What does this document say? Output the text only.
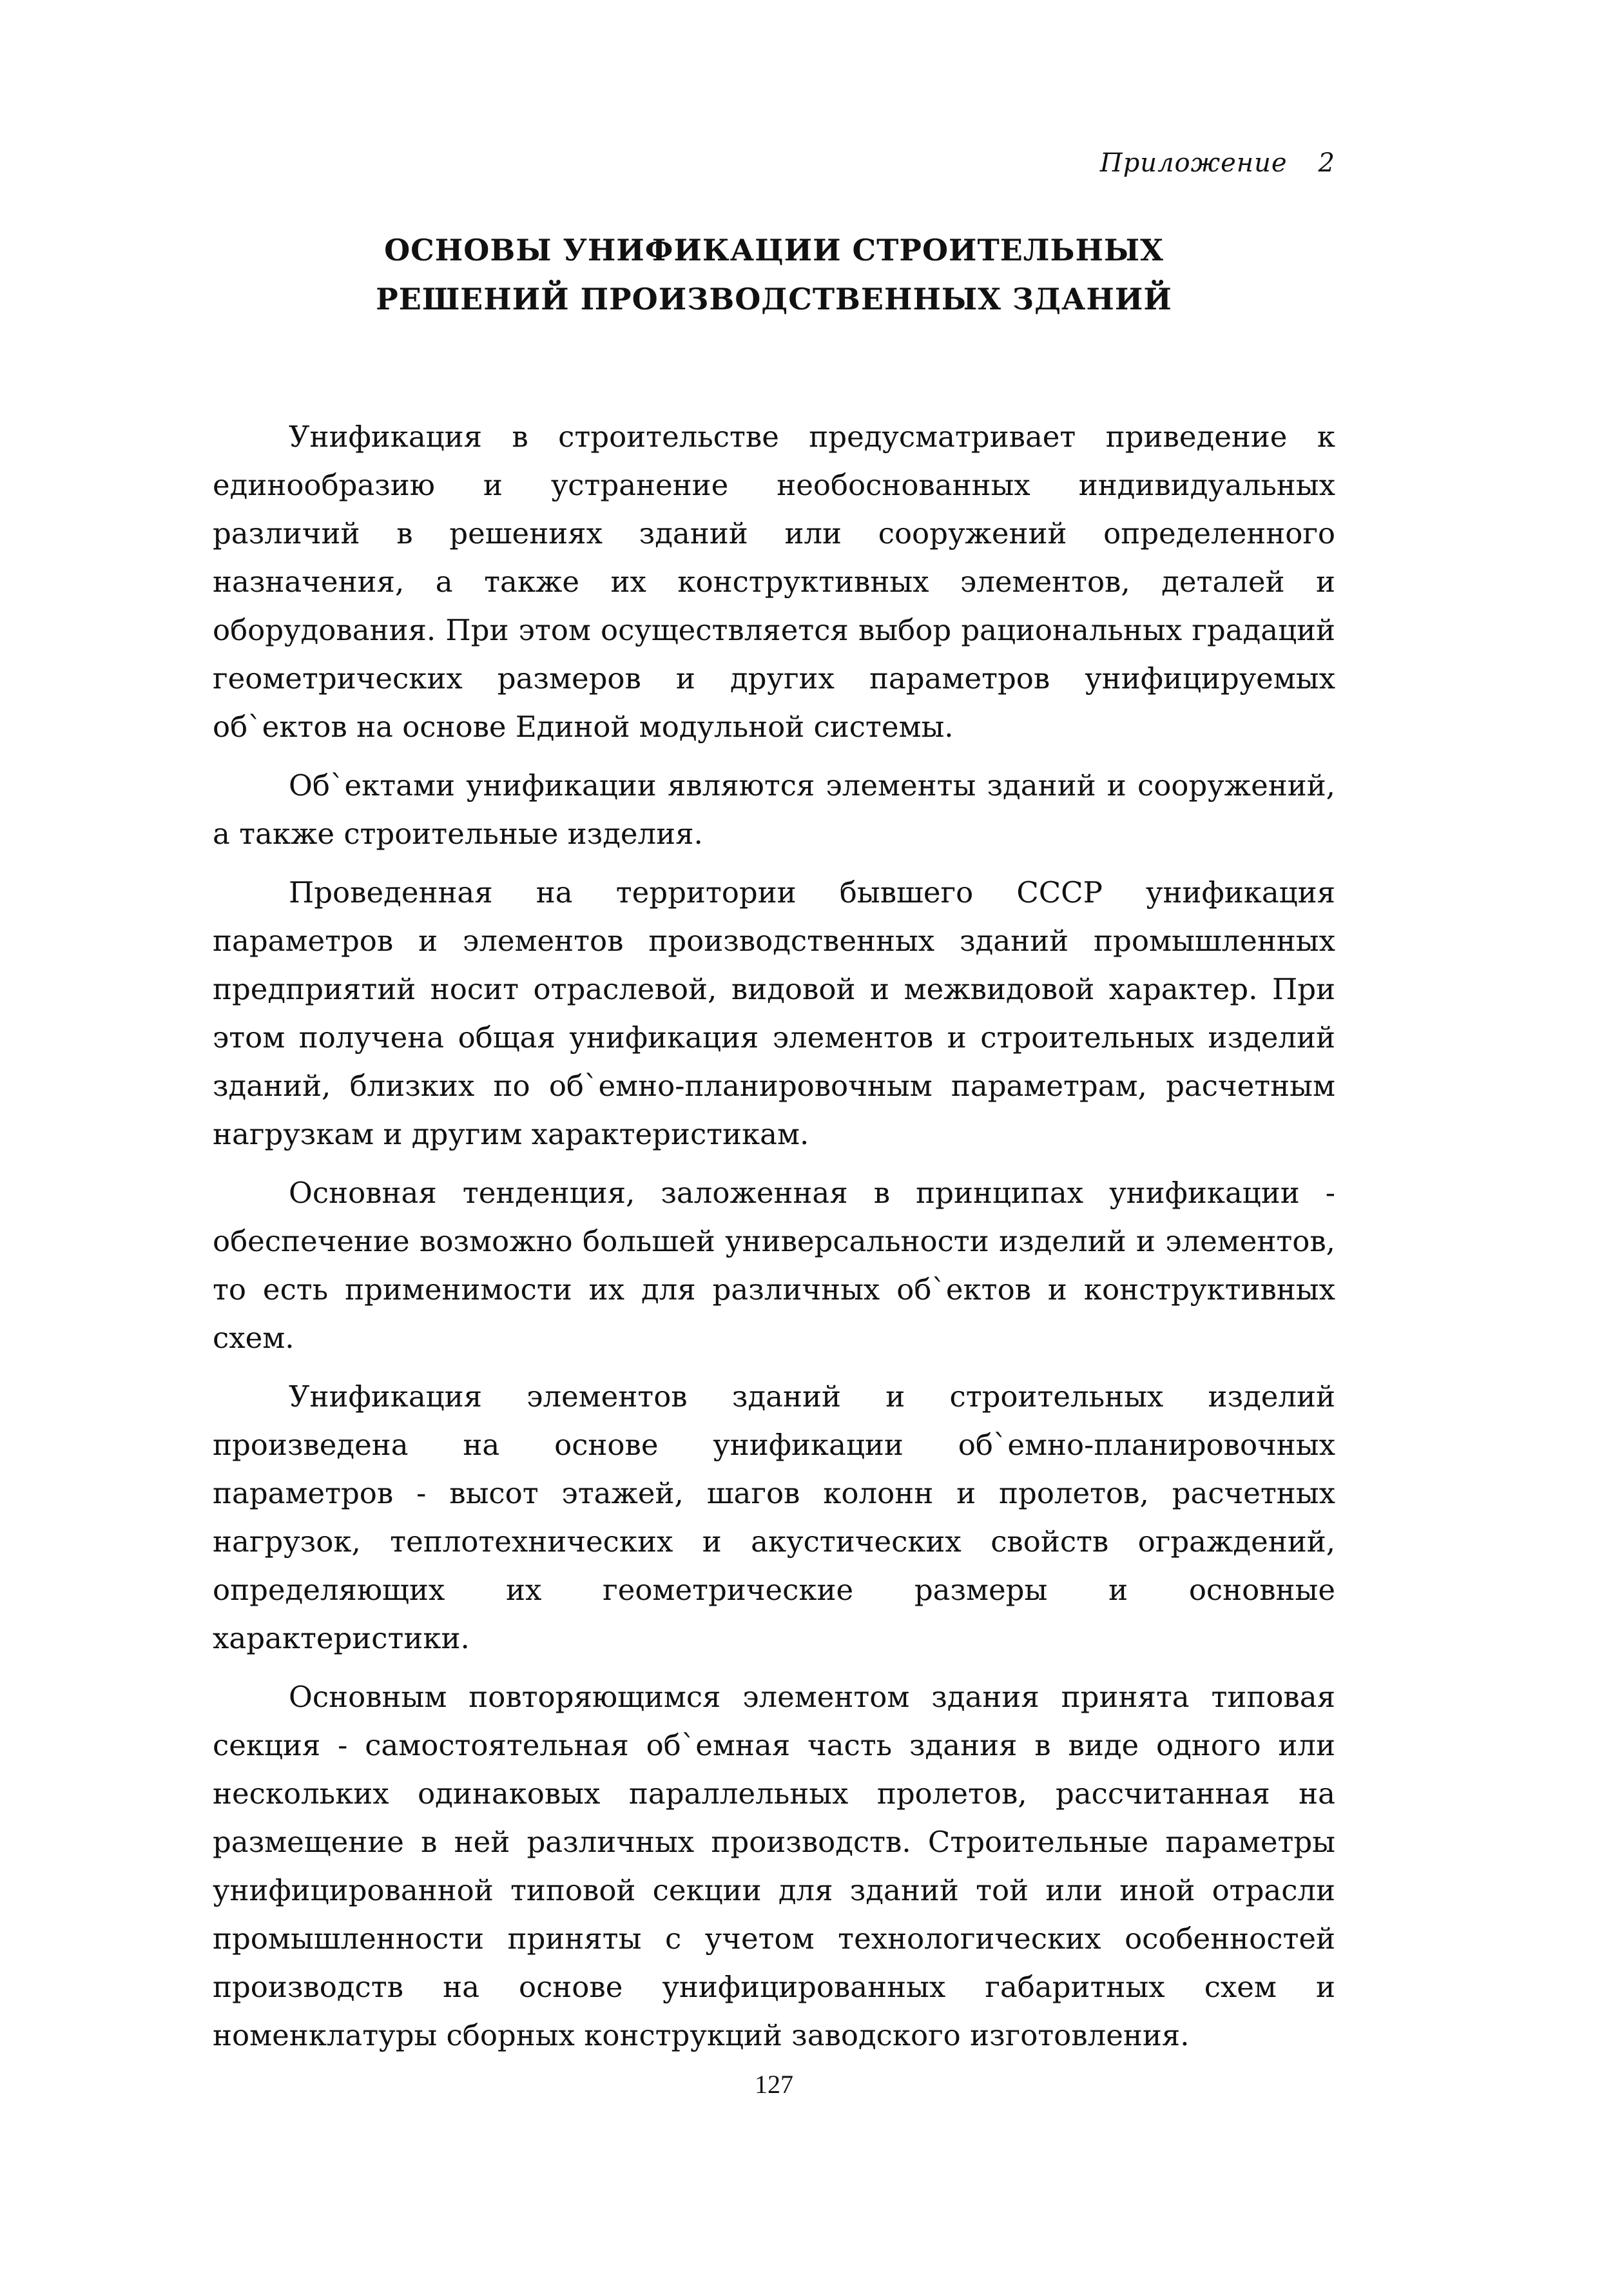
Приложение 2
ОСНОВЫ УНИФИКАЦИИ СТРОИТЕЛЬНЫХ
РЕШЕНИЙ ПРОИЗВОДСТВЕННЫХ ЗДАНИЙ

Унификация в строительстве предусматривает приведение к единообразию и устранение необоснованных индивидуальных различий в решениях зданий или сооружений определенного назначения, а также их конструктивных элементов, деталей и оборудования. При этом осуществляется выбор рациональных градаций геометрических размеров и других параметров унифицируемых об`ектов на основе Единой модульной системы.

Об`ектами унификации являются элементы зданий и сооружений, а также строительные изделия.

Проведенная на территории бывшего СССР унификация параметров и элементов производственных зданий промышленных предприятий носит отраслевой, видовой и межвидовой характер. При этом получена общая унификация элементов и строительных изделий зданий, близких по об`емно-планировочным параметрам, расчетным нагрузкам и другим характеристикам.

Основная тенденция, заложенная в принципах унификации - обеспечение возможно большей универсальности изделий и элементов, то есть применимости их для различных об`ектов и конструктивных схем.

Унификация элементов зданий и строительных изделий произведена на основе унификации об`емно-планировочных параметров - высот этажей, шагов колонн и пролетов, расчетных нагрузок, теплотехнических и акустических свойств ограждений, определяющих их геометрические размеры и основные характеристики.

Основным повторяющимся элементом здания принята типовая секция - самостоятельная об`емная часть здания в виде одного или нескольких одинаковых параллельных пролетов, рассчитанная на размещение в ней различных производств. Строительные параметры унифицированной типовой секции для зданий той или иной отрасли промышленности приняты с учетом технологических особенностей производств на основе унифицированных габаритных схем и номенклатуры сборных конструкций заводского изготовления.

127
